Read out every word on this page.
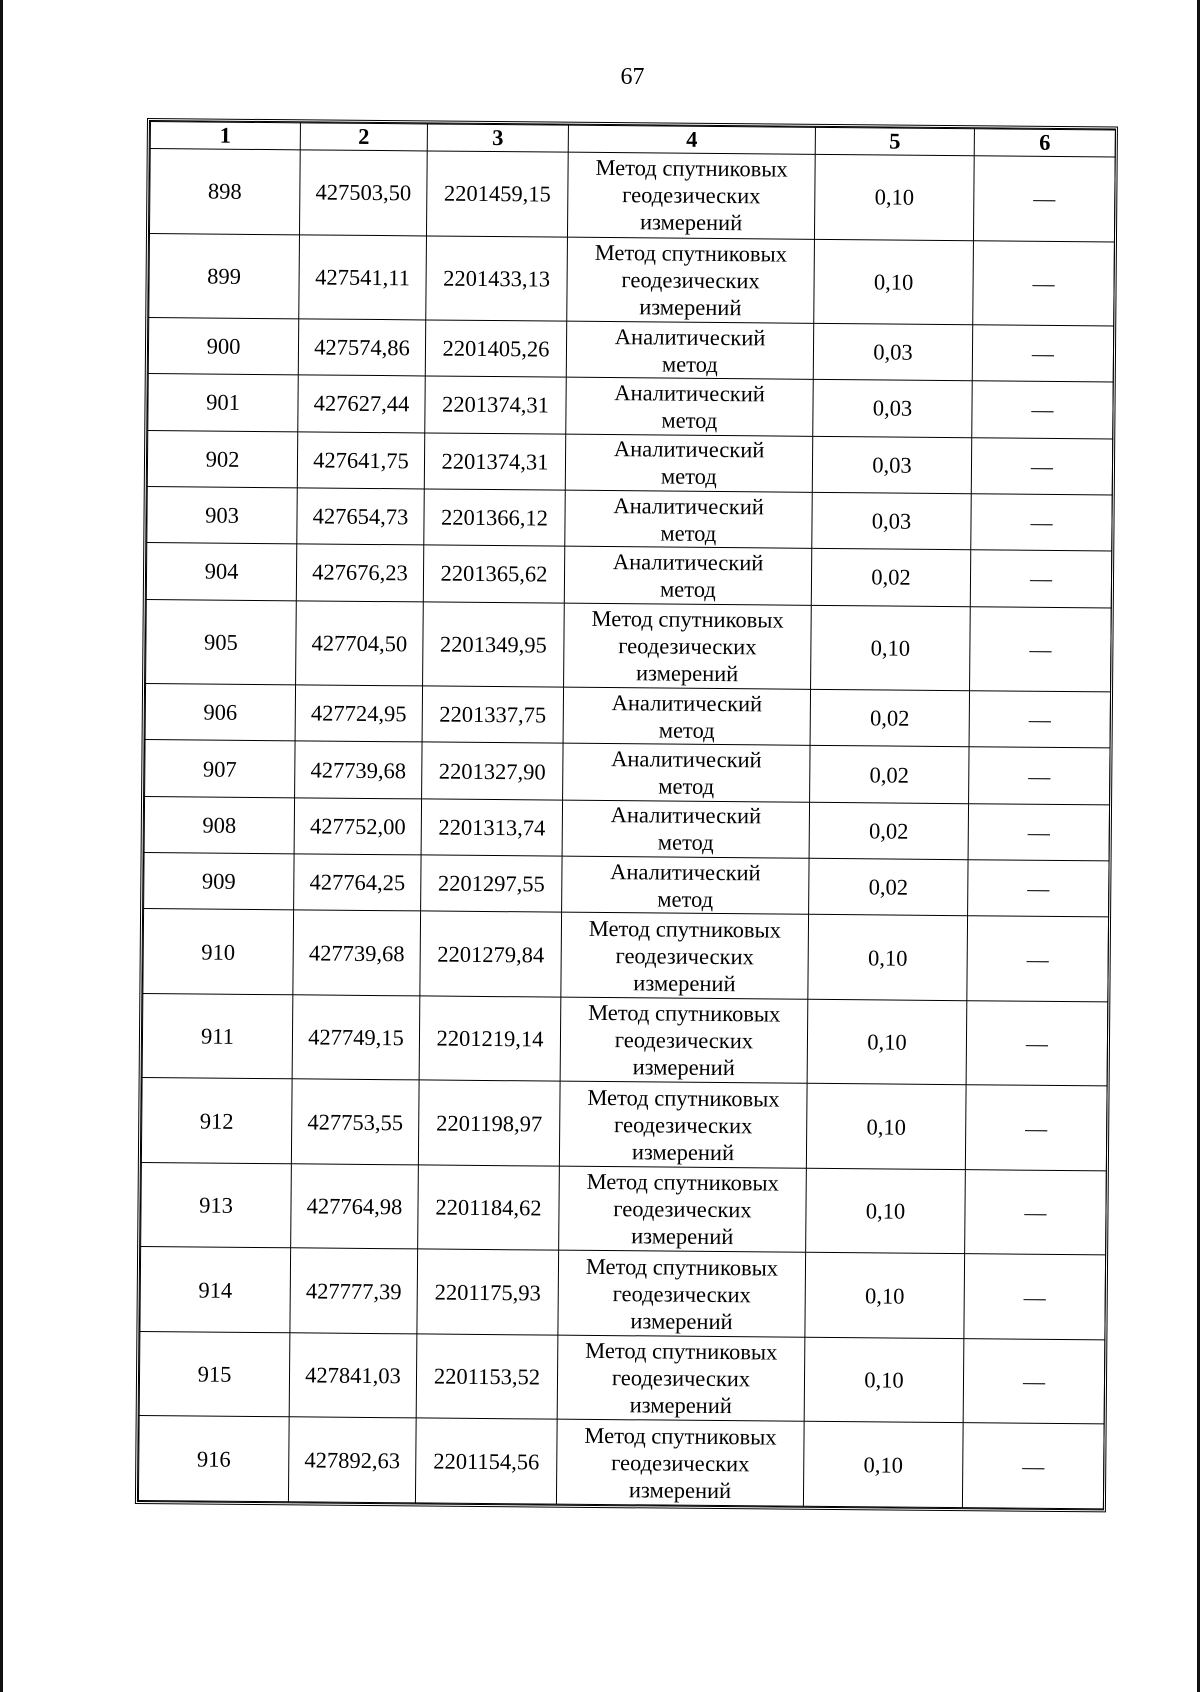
67
1	2	3	4	5	6
898	427503,50	2201459,15	Метод спутниковых
геодезических
измерений	0,10	—
899	427541,11	2201433,13	Метод спутниковых
геодезических
измерений	0,10	—
900	427574,86	2201405,26	Аналитический
метод	0,03	—
901	427627,44	2201374,31	Аналитический
метод	0,03	—
902	427641,75	2201374,31	Аналитический
метод	0,03	—
903	427654,73	2201366,12	Аналитический
метод	0,03	—
904	427676,23	2201365,62	Аналитический
метод	0,02	—
905	427704,50	2201349,95	Метод спутниковых
геодезических
измерений	0,10	—
906	427724,95	2201337,75	Аналитический
метод	0,02	—
907	427739,68	2201327,90	Аналитический
метод	0,02	—
908	427752,00	2201313,74	Аналитический
метод	0,02	—
909	427764,25	2201297,55	Аналитический
метод	0,02	—
910	427739,68	2201279,84	Метод спутниковых
геодезических
измерений	0,10	—
911	427749,15	2201219,14	Метод спутниковых
геодезических
измерений	0,10	—
912	427753,55	2201198,97	Метод спутниковых
геодезических
измерений	0,10	—
913	427764,98	2201184,62	Метод спутниковых
геодезических
измерений	0,10	—
914	427777,39	2201175,93	Метод спутниковых
геодезических
измерений	0,10	—
915	427841,03	2201153,52	Метод спутниковых
геодезических
измерений	0,10	—
916	427892,63	2201154,56	Метод спутниковых
геодезических
измерений	0,10	—
